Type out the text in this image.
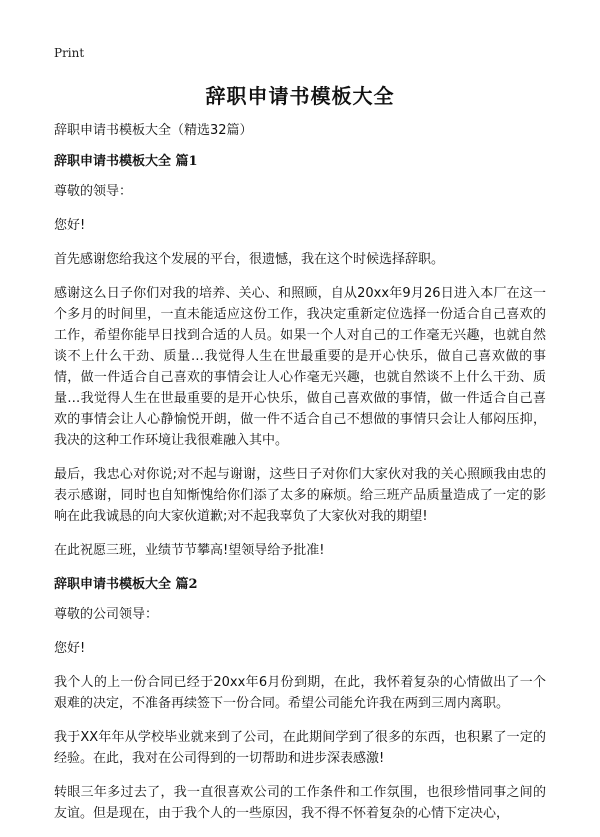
Print
辞职申请书模板大全

辞职申请书模板大全（精选32篇）

辞职申请书模板大全 篇1

尊敬的领导：

您好!

首先感谢您给我这个发展的平台，很遗憾，我在这个时候选择辞职。

感谢这么日子你们对我的培养、关心、和照顾，自从20xx年9月26日进入本厂在这一个多月的时间里，一直未能适应这份工作，我决定重新定位选择一份适合自己喜欢的工作，希望你能早日找到合适的人员。如果一个人对自己的工作毫无兴趣，也就自然谈不上什么干劲、质量…我觉得人生在世最重要的是开心快乐，做自己喜欢做的事情，做一件适合自己喜欢的事情会让人心作毫无兴趣，也就自然谈不上什么干劲、质量…我觉得人生在世最重要的是开心快乐，做自己喜欢做的事情，做一件适合自己喜欢的事情会让人心静愉悦开朗，做一件不适合自己不想做的事情只会让人郁闷压抑，我决的这种工作环境让我很难融入其中。

最后，我忠心对你说;对不起与谢谢，这些日子对你们大家伙对我的关心照顾我由忠的表示感谢，同时也自知惭愧给你们添了太多的麻烦。给三班产品质量造成了一定的影响在此我诚恳的向大家伙道歉;对不起我辜负了大家伙对我的期望!

在此祝愿三班，业绩节节攀高!望领导给予批准!

辞职申请书模板大全 篇2

尊敬的公司领导：

您好!

我个人的上一份合同已经于20xx年6月份到期，在此，我怀着复杂的心情做出了一个艰难的决定，不准备再续签下一份合同。希望公司能允许我在两到三周内离职。

我于XX年年从学校毕业就来到了公司，在此期间学到了很多的东西，也积累了一定的经验。在此，我对在公司得到的一切帮助和进步深表感激!

转眼三年多过去了，我一直很喜欢公司的工作条件和工作氛围，也很珍惜同事之间的友谊。但是现在，由于我个人的一些原因，我不得不怀着复杂的心情下定决心，
